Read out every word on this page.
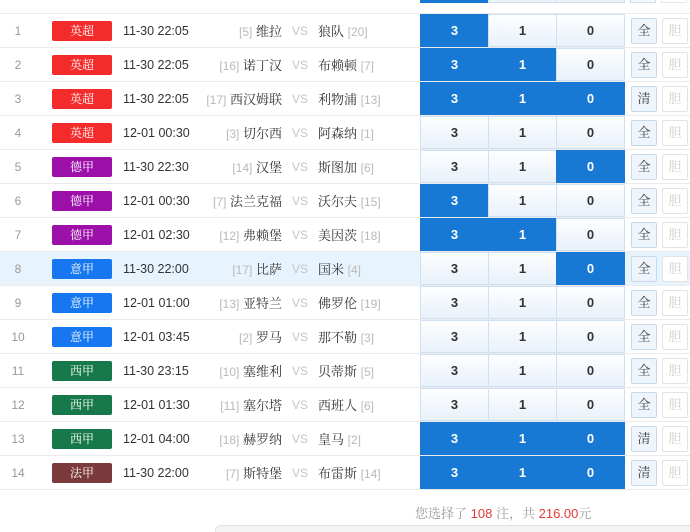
1	英超	11-30 22:05	[5] 维拉 VS 狼队 [20]	3	1	0	全	胆
2	英超	11-30 22:05	[16] 诺丁汉 VS 布赖顿 [7]	3	1	0	全	胆
3	英超	11-30 22:05	[17] 西汉姆联 VS 利物浦 [13]	3	1	0	清	胆
4	英超	12-01 00:30	[3] 切尔西 VS 阿森纳 [1]	3	1	0	全	胆
5	德甲	11-30 22:30	[14] 汉堡 VS 斯图加 [6]	3	1	0	全	胆
6	德甲	12-01 00:30	[7] 法兰克福 VS 沃尔夫 [15]	3	1	0	全	胆
7	德甲	12-01 02:30	[12] 弗赖堡 VS 美因茨 [18]	3	1	0	全	胆
8	意甲	11-30 22:00	[17] 比萨 VS 国米 [4]	3	1	0	全	胆
9	意甲	12-01 01:00	[13] 亚特兰 VS 佛罗伦 [19]	3	1	0	全	胆
10	意甲	12-01 03:45	[2] 罗马 VS 那不勒 [3]	3	1	0	全	胆
11	西甲	11-30 23:15	[10] 塞维利 VS 贝蒂斯 [5]	3	1	0	全	胆
12	西甲	12-01 01:30	[11] 塞尔塔 VS 西班人 [6]	3	1	0	全	胆
13	西甲	12-01 04:00	[18] 赫罗纳 VS 皇马 [2]	3	1	0	清	胆
14	法甲	11-30 22:00	[7] 斯特堡 VS 布雷斯 [14]	3	1	0	清	胆
您选择了 108 注，共 216.00元
